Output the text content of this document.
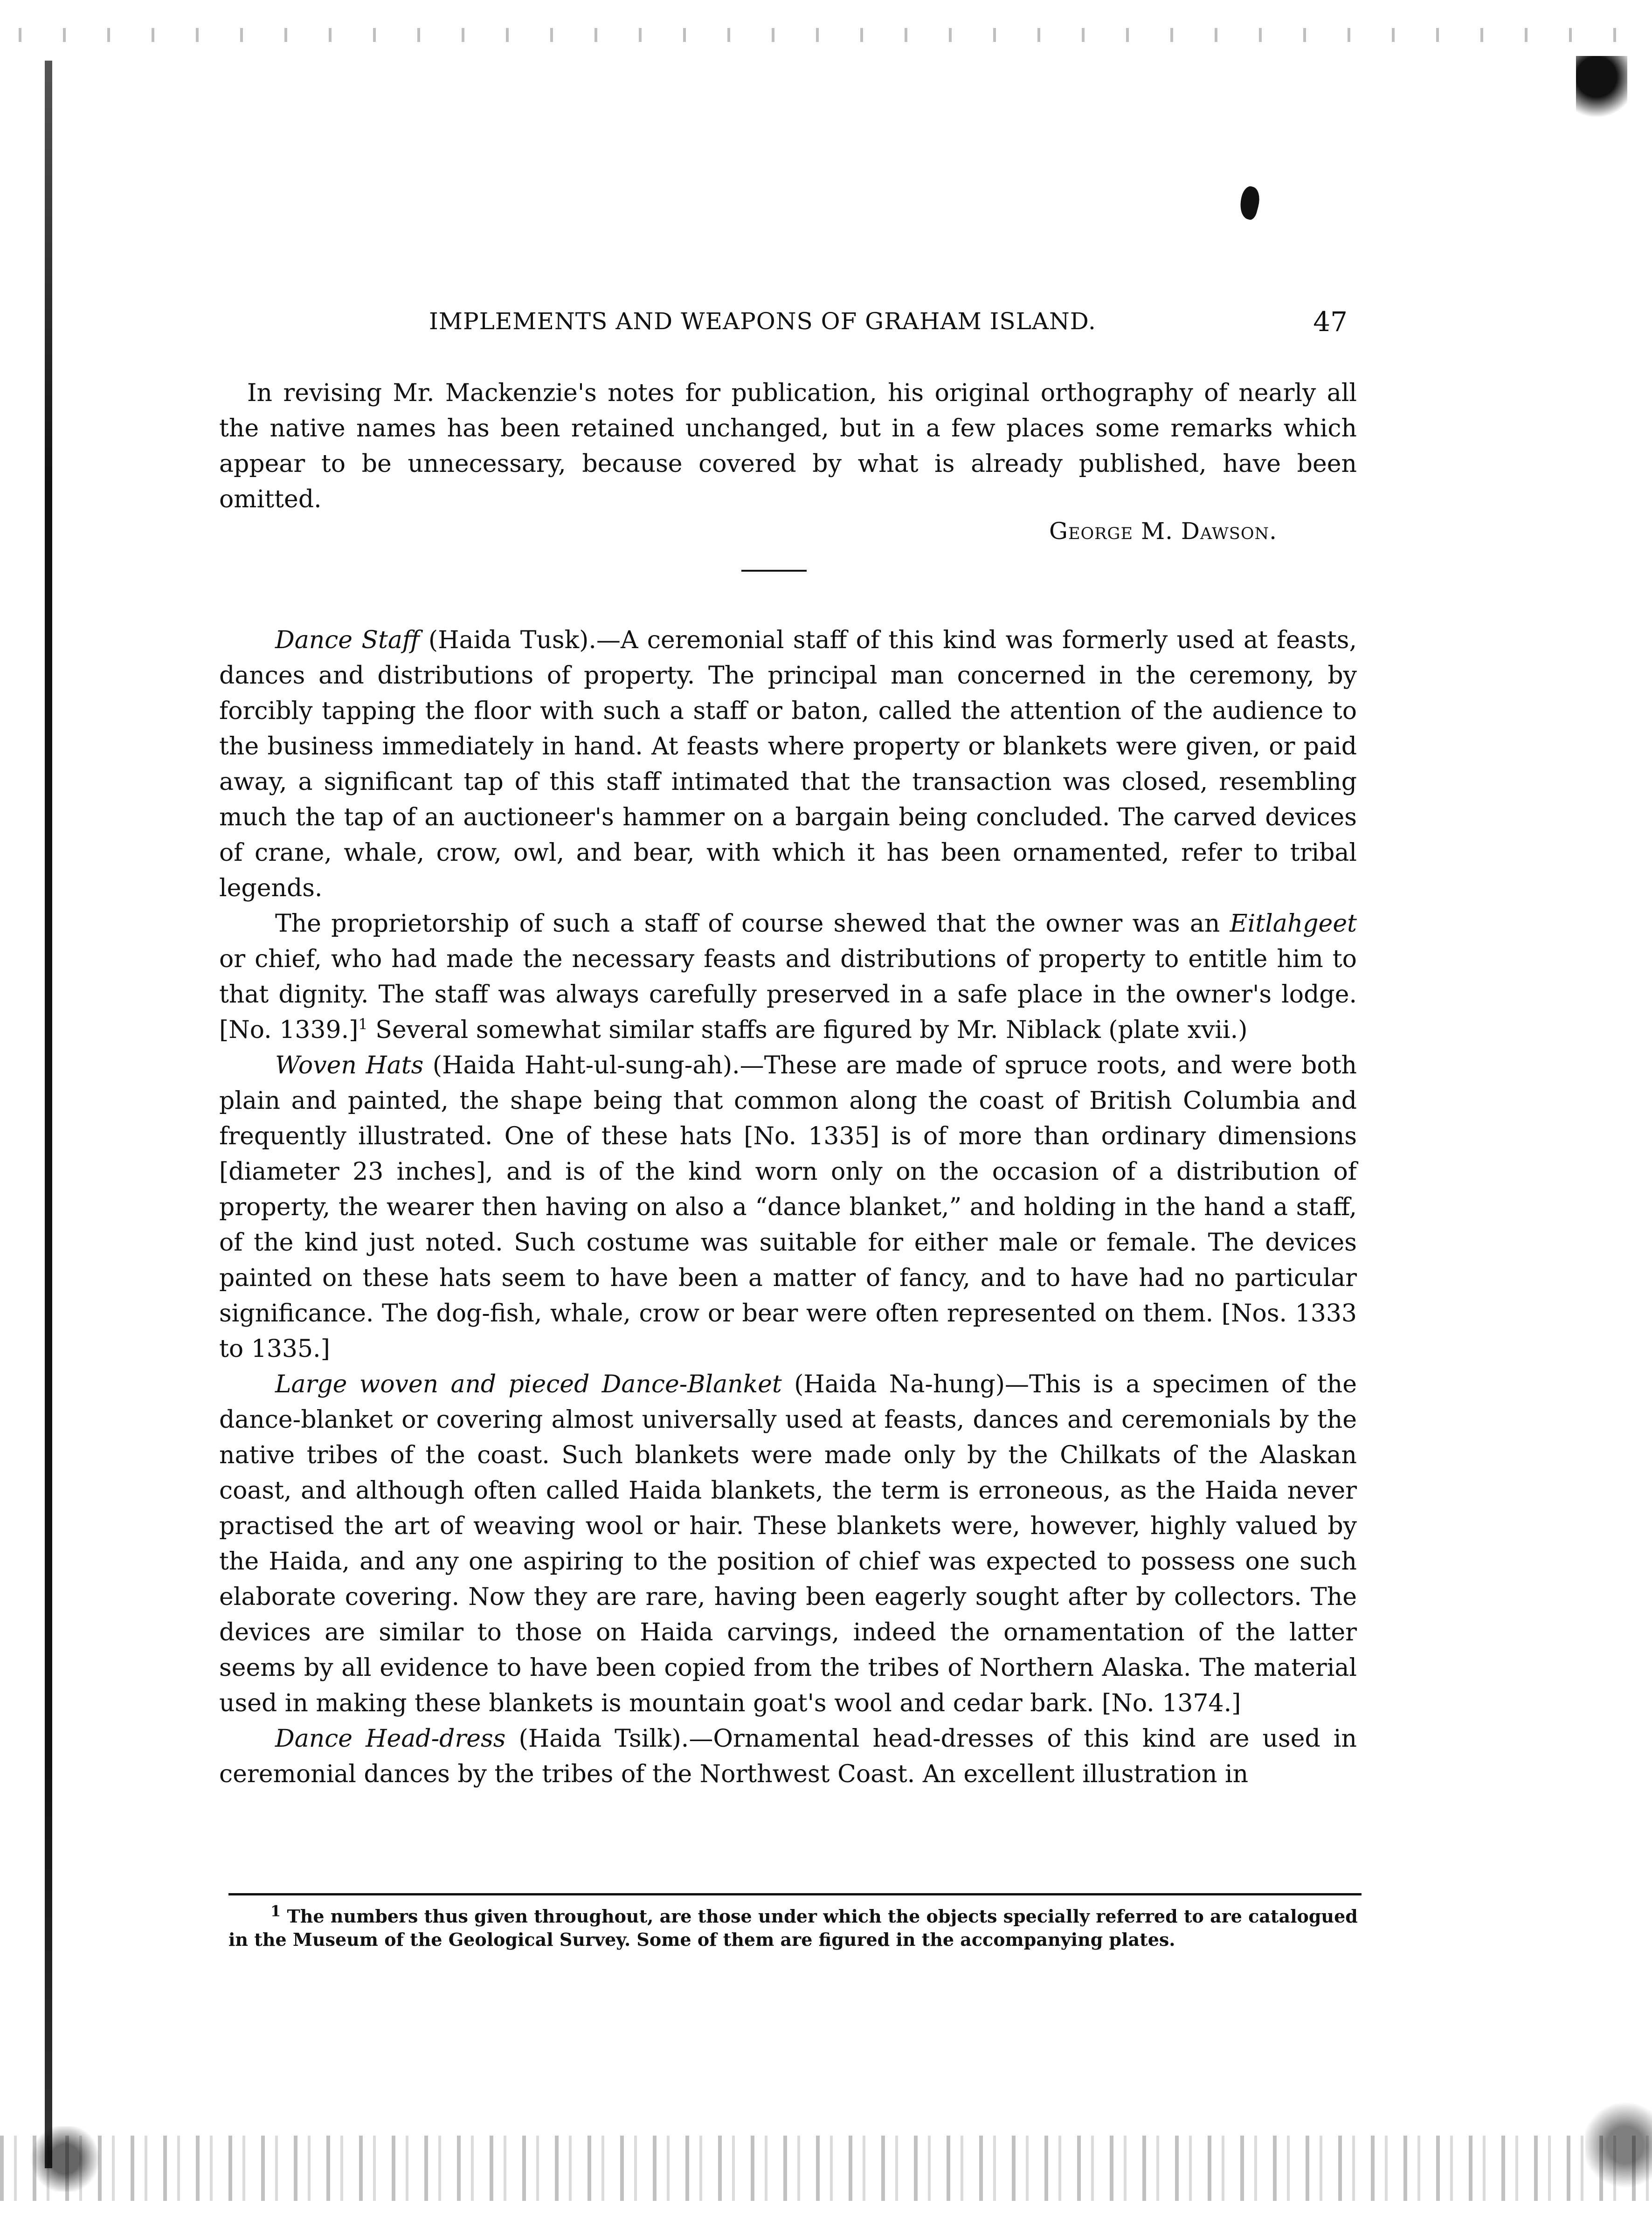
IMPLEMENTS AND WEAPONS OF GRAHAM ISLAND.	47

In revising Mr. Mackenzie's notes for publication, his original orthography of nearly all the native names has been retained unchanged, but in a few places some remarks which appear to be unnecessary, because covered by what is already published, have been omitted.

George M. Dawson.

Dance Staff (Haida Tusk).—A ceremonial staff of this kind was formerly used at feasts, dances and distributions of property. The principal man concerned in the ceremony, by forcibly tapping the floor with such a staff or baton, called the attention of the audience to the business immediately in hand. At feasts where property or blankets were given, or paid away, a significant tap of this staff intimated that the transaction was closed, resembling much the tap of an auctioneer's hammer on a bargain being concluded. The carved devices of crane, whale, crow, owl, and bear, with which it has been ornamented, refer to tribal legends.

The proprietorship of such a staff of course shewed that the owner was an Eitlahgeet or chief, who had made the necessary feasts and distributions of property to entitle him to that dignity. The staff was always carefully preserved in a safe place in the owner's lodge. [No. 1339.]$^1$ Several somewhat similar staffs are figured by Mr. Niblack (plate xvii.)

Woven Hats (Haida Haht-ul-sung-ah).—These are made of spruce roots, and were both plain and painted, the shape being that common along the coast of British Columbia and frequently illustrated. One of these hats [No. 1335] is of more than ordinary dimensions [diameter 23 inches], and is of the kind worn only on the occasion of a distribution of property, the wearer then having on also a “dance blanket,” and holding in the hand a staff, of the kind just noted. Such costume was suitable for either male or female. The devices painted on these hats seem to have been a matter of fancy, and to have had no particular significance. The dog-fish, whale, crow or bear were often represented on them. [Nos. 1333 to 1335.]

Large woven and pieced Dance-Blanket (Haida Na-hung)—This is a specimen of the dance-blanket or covering almost universally used at feasts, dances and ceremonials by the native tribes of the coast. Such blankets were made only by the Chilkats of the Alaskan coast, and although often called Haida blankets, the term is erroneous, as the Haida never practised the art of weaving wool or hair. These blankets were, however, highly valued by the Haida, and any one aspiring to the position of chief was expected to possess one such elaborate covering. Now they are rare, having been eagerly sought after by collectors. The devices are similar to those on Haida carvings, indeed the ornamentation of the latter seems by all evidence to have been copied from the tribes of Northern Alaska. The material used in making these blankets is mountain goat's wool and cedar bark. [No. 1374.]

Dance Head-dress (Haida Tsilk).—Ornamental head-dresses of this kind are used in ceremonial dances by the tribes of the Northwest Coast. An excellent illustration in

$^1$ The numbers thus given throughout, are those under which the objects specially referred to are catalogued
in the Museum of the Geological Survey. Some of them are figured in the accompanying plates.
